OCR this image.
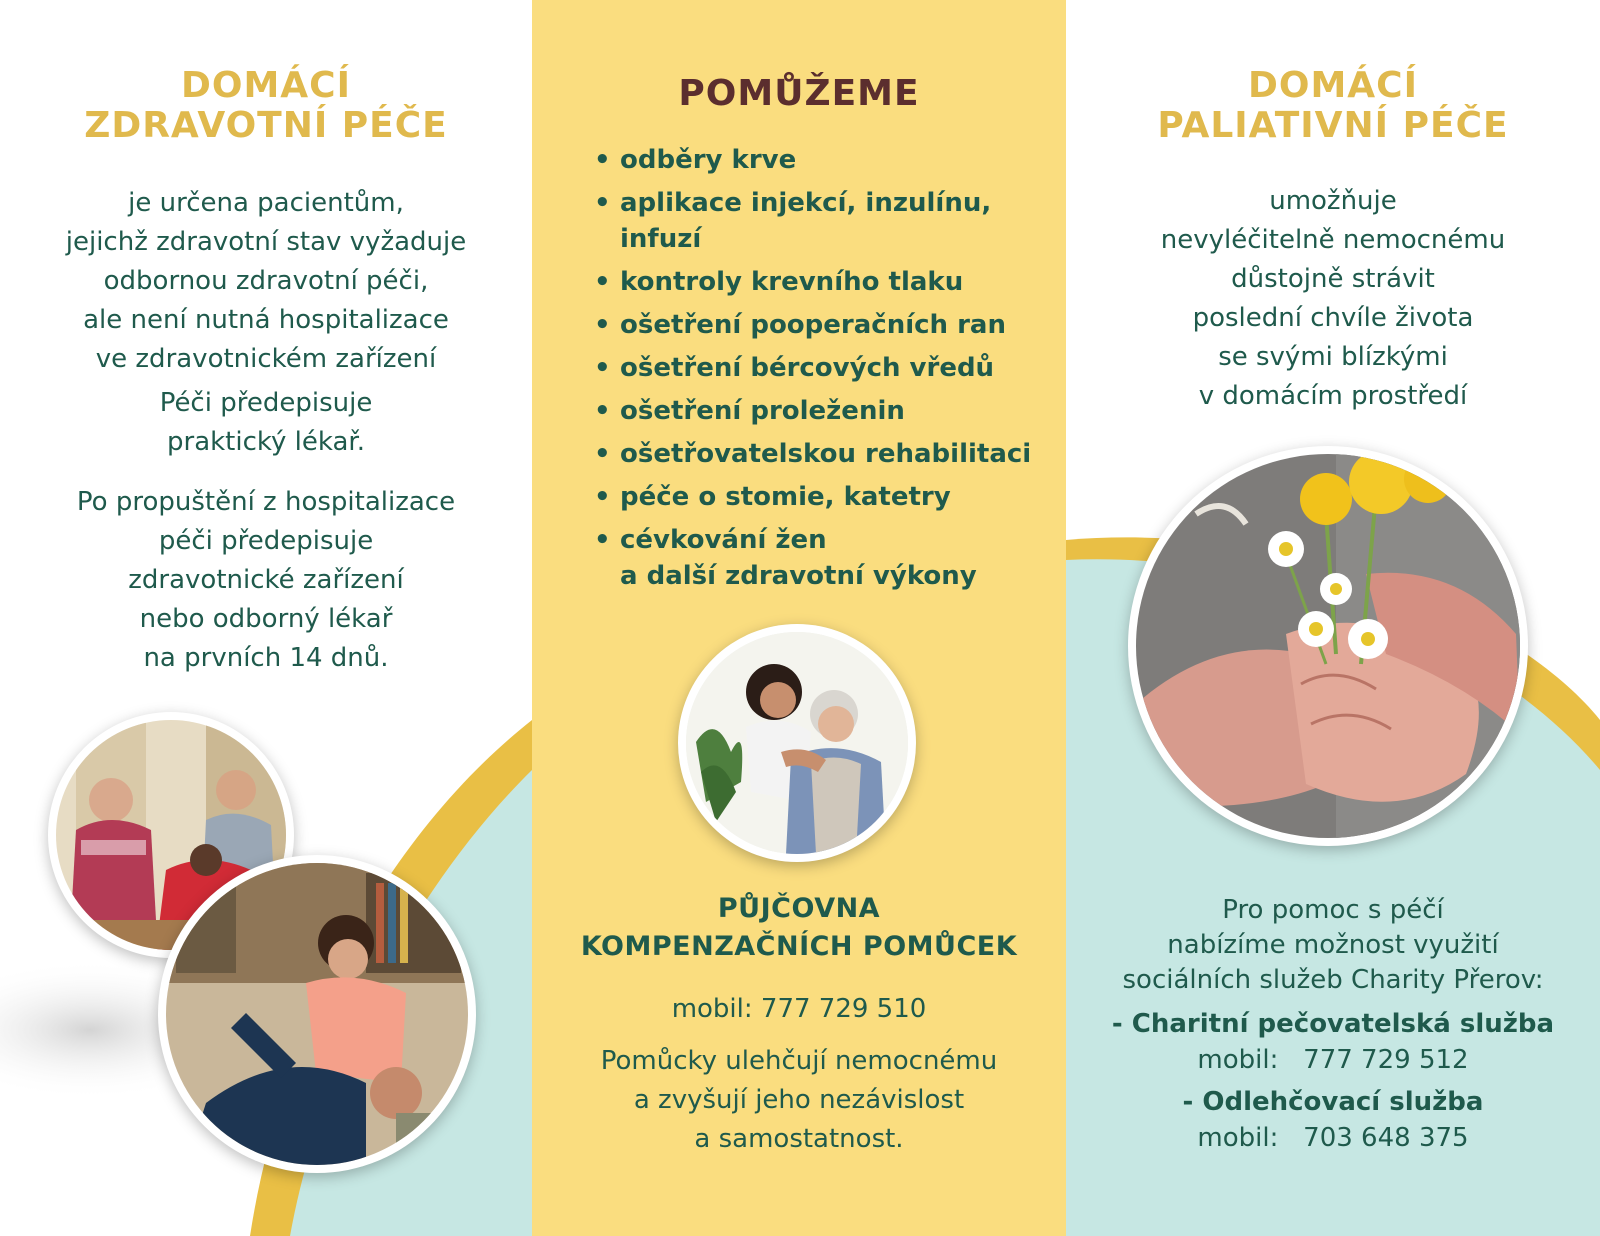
DOMÁCÍ
ZDRAVOTNÍ PÉČE
je určena pacientům,
jejichž zdravotní stav vyžaduje
odbornou zdravotní péči,
ale není nutná hospitalizace
ve zdravotnickém zařízení
Péči předepisuje
praktický lékař.
Po propuštění z hospitalizace
péči předepisuje
zdravotnické zařízení
nebo odborný lékař
na prvních 14 dnů.
POMŮŽEME
• odběry krve
• aplikace injekcí, inzulínu,
infuzí
• kontroly krevního tlaku
• ošetření pooperačních ran
• ošetření bércových vředů
• ošetření proleženin
• ošetřovatelskou rehabilitaci
• péče o stomie, katetry
• cévkování žen
a další zdravotní výkony
PŮJČOVNA
KOMPENZAČNÍCH POMŮCEK
mobil: 777 729 510
Pomůcky ulehčují nemocnému
a zvyšují jeho nezávislost
a samostatnost.
DOMÁCÍ
PALIATIVNÍ PÉČE
umožňuje
nevyléčitelně nemocnému
důstojně strávit
poslední chvíle života
se svými blízkými
v domácím prostředí
Pro pomoc s péčí
nabízíme možnost využití
sociálních služeb Charity Přerov:
- Charitní pečovatelská služba
mobil: 777 729 512
- Odlehčovací služba
mobil: 703 648 375
